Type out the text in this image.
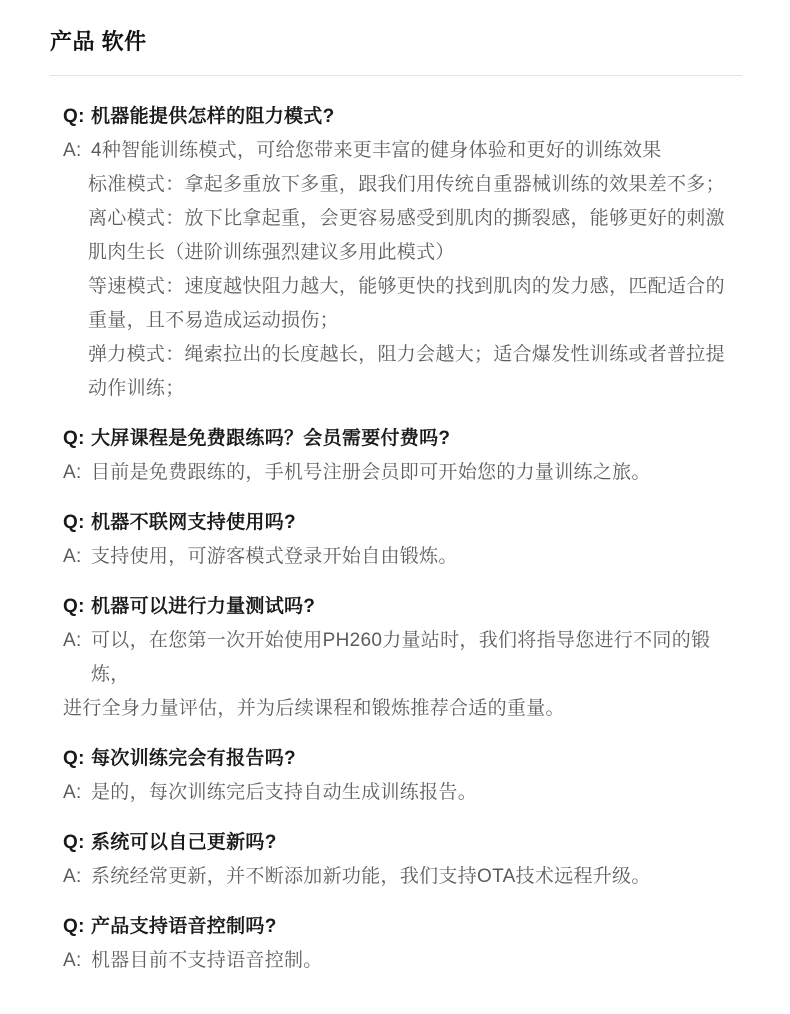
产品 软件
Q: 机器能提供怎样的阻力模式?
A: 4种智能训练模式，可给您带来更丰富的健身体验和更好的训练效果
标准模式：拿起多重放下多重，跟我们用传统自重器械训练的效果差不多；
离心模式：放下比拿起重，会更容易感受到肌肉的撕裂感，能够更好的刺激
肌肉生长（进阶训练强烈建议多用此模式）
等速模式：速度越快阻力越大，能够更快的找到肌肉的发力感，匹配适合的
重量，且不易造成运动损伤；
弹力模式：绳索拉出的长度越长，阻力会越大；适合爆发性训练或者普拉提
动作训练；
Q: 大屏课程是免费跟练吗？会员需要付费吗?
A: 目前是免费跟练的，手机号注册会员即可开始您的力量训练之旅。
Q: 机器不联网支持使用吗?
A: 支持使用，可游客模式登录开始自由锻炼。
Q: 机器可以进行力量测试吗?
A: 可以，在您第一次开始使用PH260力量站时，我们将指导您进行不同的锻炼，
进行全身力量评估，并为后续课程和锻炼推荐合适的重量。
Q: 每次训练完会有报告吗?
A: 是的，每次训练完后支持自动生成训练报告。
Q: 系统可以自己更新吗?
A: 系统经常更新，并不断添加新功能，我们支持OTA技术远程升级。
Q: 产品支持语音控制吗?
A: 机器目前不支持语音控制。
